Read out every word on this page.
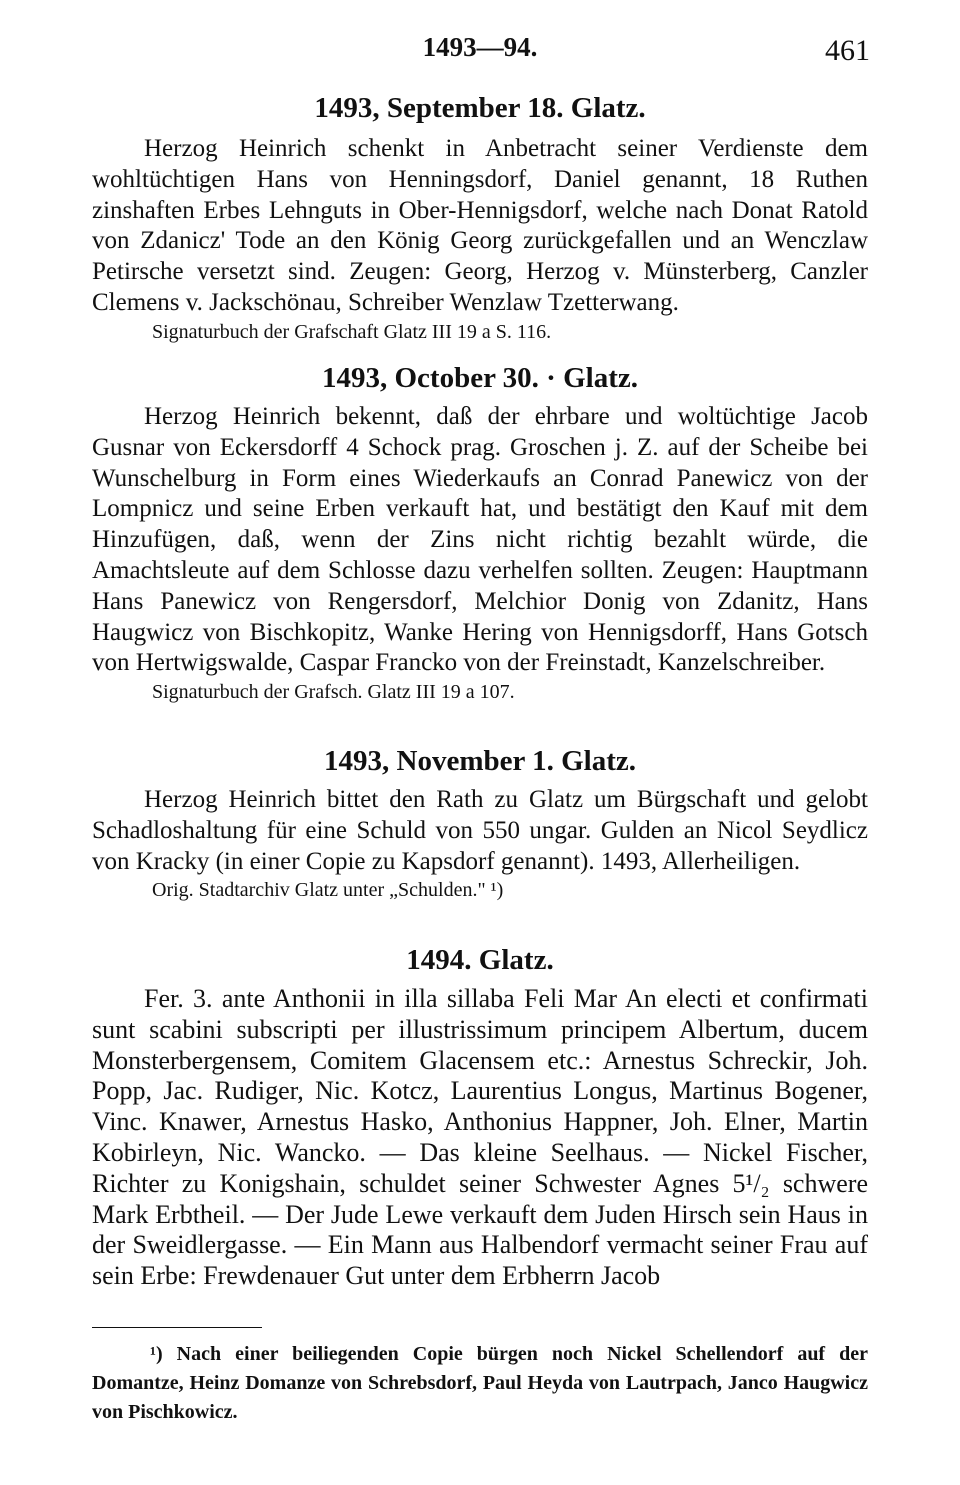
1493—94.	461
1493, September 18. Glatz.

Herzog Heinrich schenkt in Anbetracht seiner Verdienste dem wohltüchtigen Hans von Henningsdorf, Daniel genannt, 18 Ruthen zinshaften Erbes Lehnguts in Ober-Hennigsdorf, welche nach Donat Ratold von Zdanicz' Tode an den König Georg zurückgefallen und an Wenczlaw Petirsche versetzt sind. Zeugen: Georg, Herzog v. Münsterberg, Canzler Clemens v. Jackschönau, Schreiber Wenzlaw Tzetterwang.

Signaturbuch der Grafschaft Glatz III 19 a S. 116.

1493, October 30. · Glatz.

Herzog Heinrich bekennt, daß der ehrbare und woltüchtige Jacob Gusnar von Eckersdorff 4 Schock prag. Groschen j. Z. auf der Scheibe bei Wunschelburg in Form eines Wiederkaufs an Conrad Panewicz von der Lompnicz und seine Erben verkauft hat, und bestätigt den Kauf mit dem Hinzufügen, daß, wenn der Zins nicht richtig bezahlt würde, die Amachtsleute auf dem Schlosse dazu verhelfen sollten. Zeugen: Hauptmann Hans Panewicz von Rengersdorf, Melchior Donig von Zdanitz, Hans Haugwicz von Bischkopitz, Wanke Hering von Hennigsdorff, Hans Gotsch von Hertwigswalde, Caspar Francko von der Freinstadt, Kanzelschreiber.

Signaturbuch der Grafsch. Glatz III 19 a 107.

1493, November 1. Glatz.

Herzog Heinrich bittet den Rath zu Glatz um Bürgschaft und gelobt Schadloshaltung für eine Schuld von 550 ungar. Gulden an Nicol Seydlicz von Kracky (in einer Copie zu Kapsdorf genannt). 1493, Allerheiligen.

Orig. Stadtarchiv Glatz unter „Schulden." ¹)

1494. Glatz.

Fer. 3. ante Anthonii in illa sillaba Feli Mar An electi et confirmati sunt scabini subscripti per illustrissimum principem Albertum, ducem Monsterbergensem, Comitem Glacensem etc.: Arnestus Schreckir, Joh. Popp, Jac. Rudiger, Nic. Kotcz, Laurentius Longus, Martinus Bogener, Vinc. Knawer, Arnestus Hasko, Anthonius Happner, Joh. Elner, Martin Kobirleyn, Nic. Wancko. — Das kleine Seelhaus. — Nickel Fischer, Richter zu Konigshain, schuldet seiner Schwester Agnes 5¹/₂ schwere Mark Erbtheil. — Der Jude Lewe verkauft dem Juden Hirsch sein Haus in der Sweidlergasse. — Ein Mann aus Halbendorf vermacht seiner Frau auf sein Erbe: Frewdenauer Gut unter dem Erbherrn Jacob

¹) Nach einer beiliegenden Copie bürgen noch Nickel Schellendorf auf der Domantze, Heinz Domanze von Schrebsdorf, Paul Heyda von Lautrpach, Janco Haugwicz von Pischkowicz.
